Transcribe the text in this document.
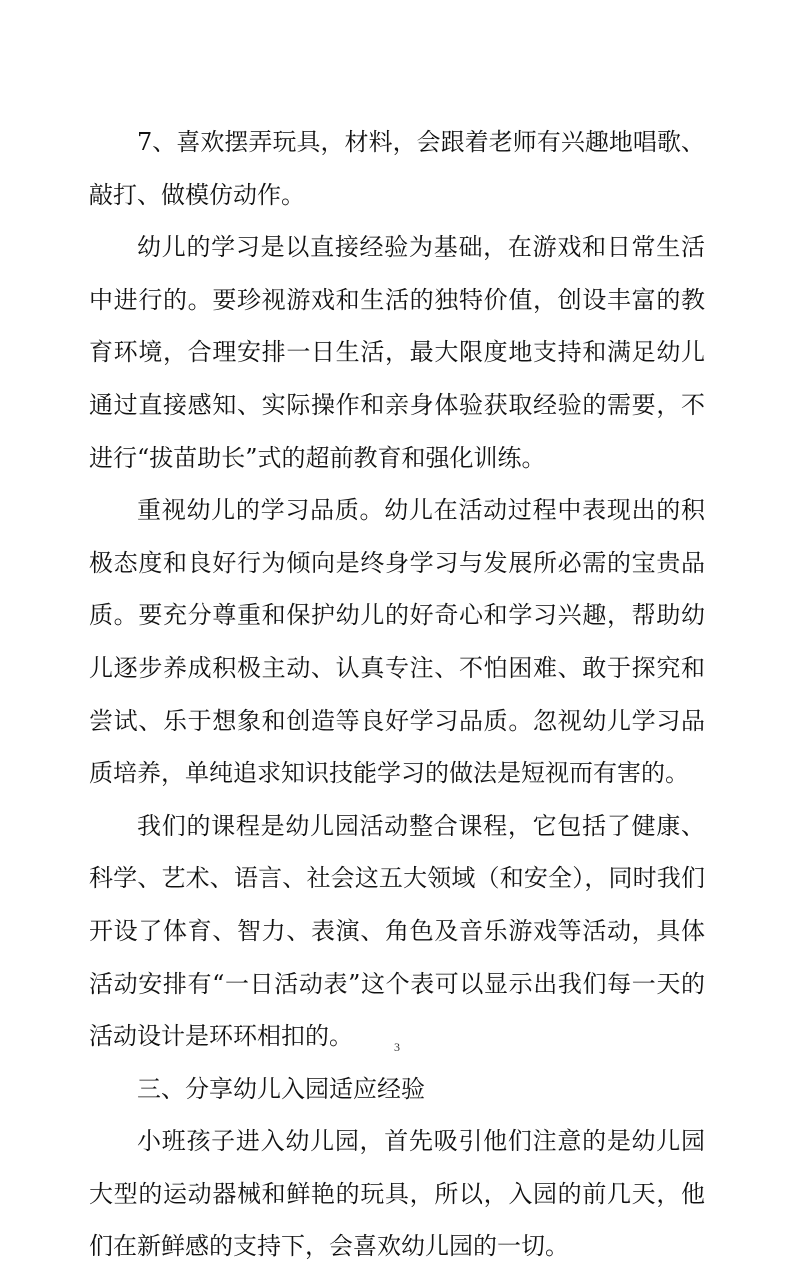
7、喜欢摆弄玩具，材料，会跟着老师有兴趣地唱歌、敲打、做模仿动作。

幼儿的学习是以直接经验为基础，在游戏和日常生活中进行的。要珍视游戏和生活的独特价值，创设丰富的教育环境，合理安排一日生活，最大限度地支持和满足幼儿通过直接感知、实际操作和亲身体验获取经验的需要，不进行“拔苗助长”式的超前教育和强化训练。

重视幼儿的学习品质。幼儿在活动过程中表现出的积极态度和良好行为倾向是终身学习与发展所必需的宝贵品质。要充分尊重和保护幼儿的好奇心和学习兴趣，帮助幼儿逐步养成积极主动、认真专注、不怕困难、敢于探究和尝试、乐于想象和创造等良好学习品质。忽视幼儿学习品质培养，单纯追求知识技能学习的做法是短视而有害的。

我们的课程是幼儿园活动整合课程，它包括了健康、科学、艺术、语言、社会这五大领域（和安全），同时我们开设了体育、智力、表演、角色及音乐游戏等活动，具体活动安排有“一日活动表”这个表可以显示出我们每一天的活动设计是环环相扣的。

三、分享幼儿入园适应经验

小班孩子进入幼儿园，首先吸引他们注意的是幼儿园大型的运动器械和鲜艳的玩具，所以，入园的前几天，他们在新鲜感的支持下，会喜欢幼儿园的一切。

3
